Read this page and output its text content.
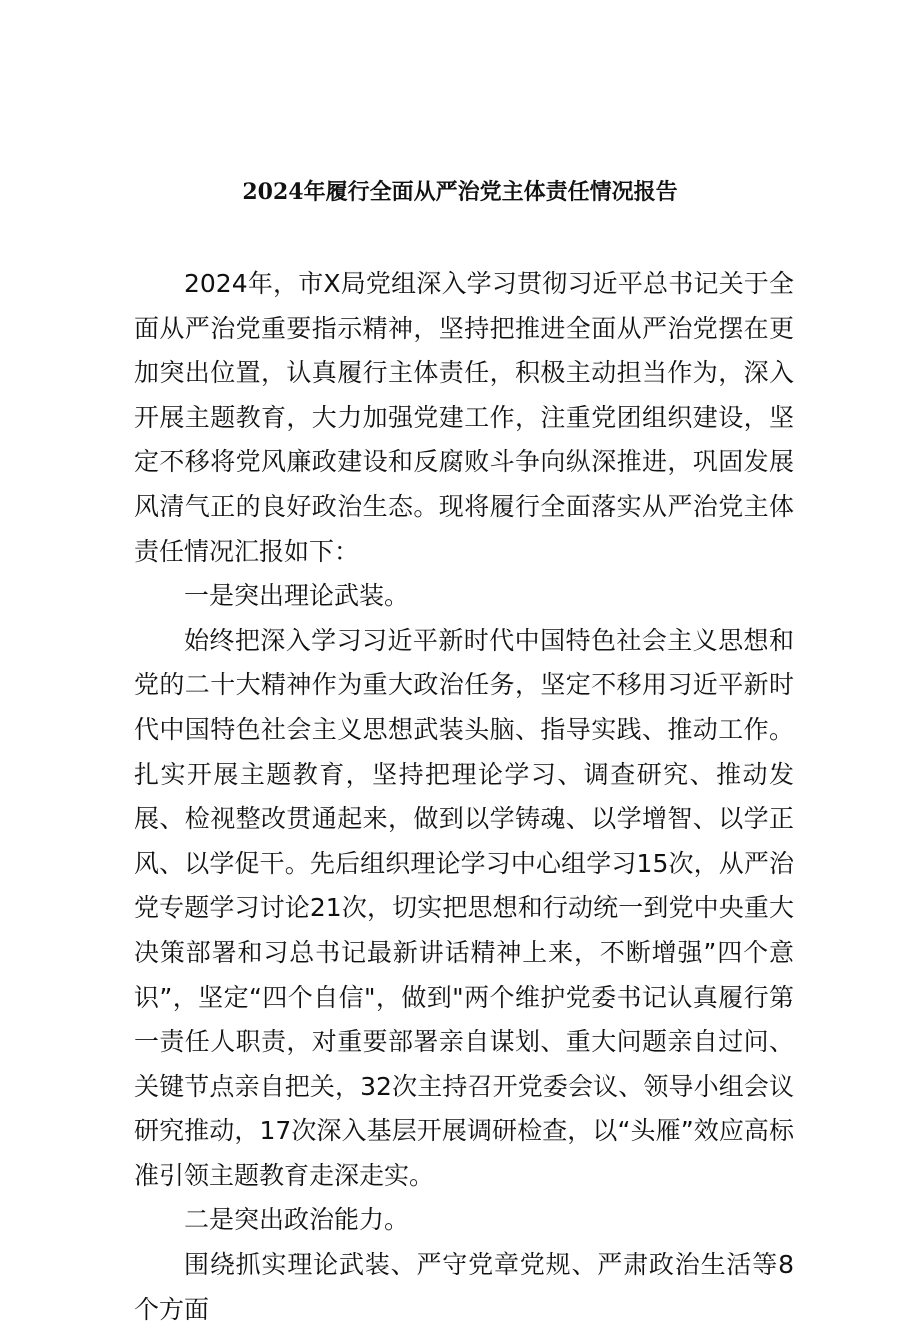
2024年履行全面从严治党主体责任情况报告

2024年，市X局党组深入学习贯彻习近平总书记关于全面从严治党重要指示精神，坚持把推进全面从严治党摆在更加突出位置，认真履行主体责任，积极主动担当作为，深入开展主题教育，大力加强党建工作，注重党团组织建设，坚定不移将党风廉政建设和反腐败斗争向纵深推进，巩固发展风清气正的良好政治生态。现将履行全面落实从严治党主体责任情况汇报如下：

一是突出理论武装。

始终把深入学习习近平新时代中国特色社会主义思想和党的二十大精神作为重大政治任务，坚定不移用习近平新时代中国特色社会主义思想武装头脑、指导实践、推动工作。扎实开展主题教育，坚持把理论学习、调查研究、推动发展、检视整改贯通起来，做到以学铸魂、以学增智、以学正风、以学促干。先后组织理论学习中心组学习15次，从严治党专题学习讨论21次，切实把思想和行动统一到党中央重大决策部署和习总书记最新讲话精神上来，不断增强”四个意识”，坚定“四个自信"，做到"两个维护党委书记认真履行第一责任人职责，对重要部署亲自谋划、重大问题亲自过问、关键节点亲自把关，32次主持召开党委会议、领导小组会议研究推动，17次深入基层开展调研检查，以“头雁”效应高标准引领主题教育走深走实。

二是突出政治能力。

围绕抓实理论武装、严守党章党规、严肃政治生活等8个方面
